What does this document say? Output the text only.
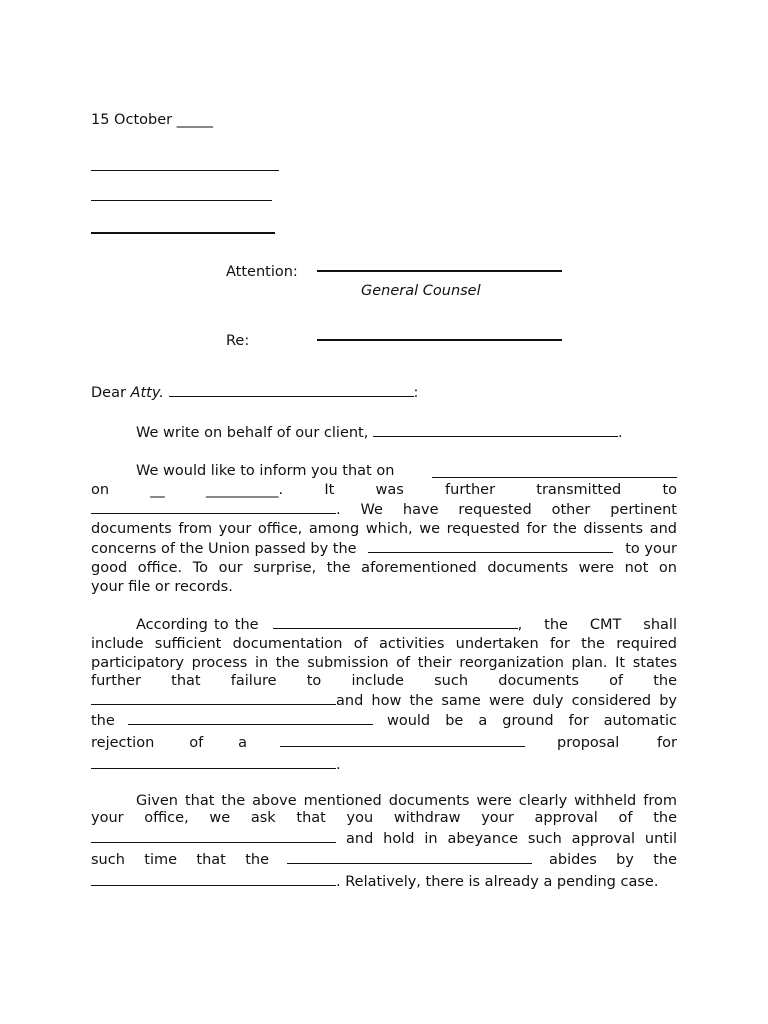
15 October _____
Attention:
General Counsel
Re:
Dear Atty.	:
We write on behalf of our client,	.
We would like to inform you that on
on	__	__________.	It	was	further	transmitted	to
. We have requested other pertinent
documents from your office, among which, we requested for the dissents and
concerns of the Union passed by the	to your
good office. To our surprise, the aforementioned documents were not on
your file or records.
According to the	, the CMT shall
include sufficient documentation of activities undertaken for the required
participatory process in the submission of their reorganization plan. It states
further that failure to include such documents of the
and how the same were duly considered by
the	would be a ground for automatic
rejection of a	proposal for
.
Given that the above mentioned documents were clearly withheld from
your office, we ask that you withdraw your approval of the
and hold in abeyance such approval until
such time that the	abides by the
. Relatively, there is already a pending case.
